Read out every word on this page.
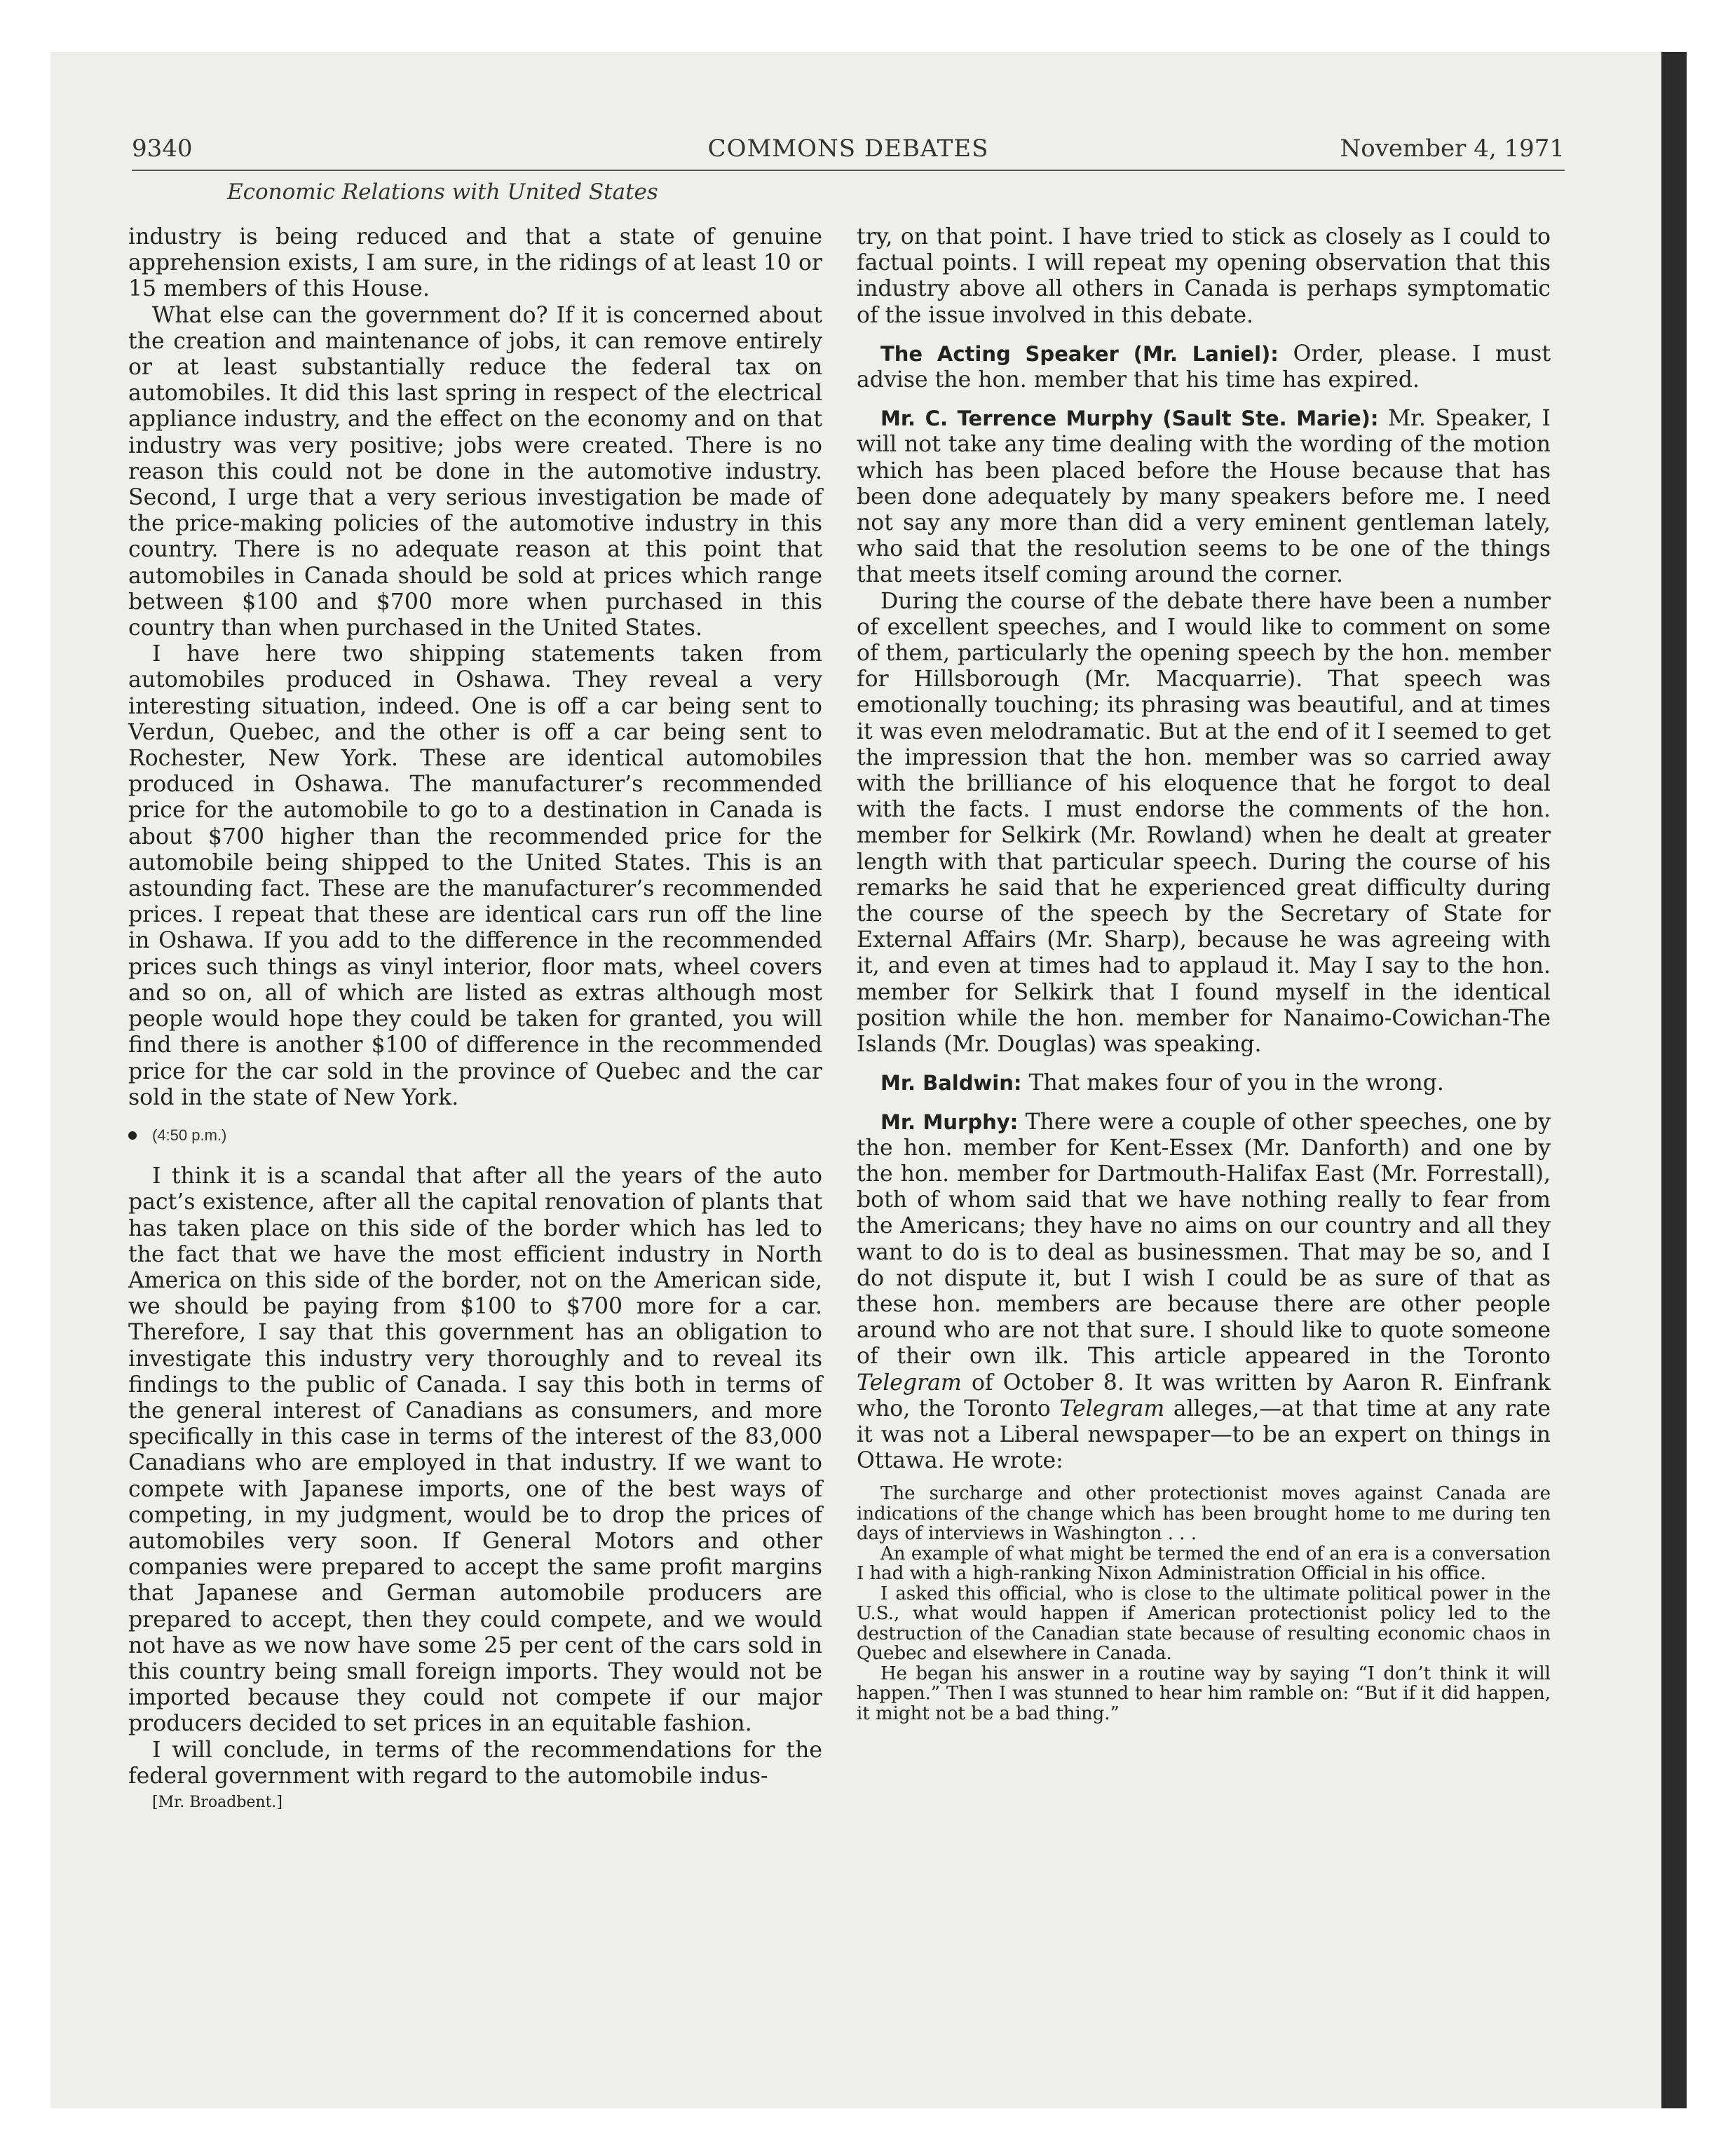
9340	COMMONS DEBATES	November 4, 1971
Economic Relations with United States

industry is being reduced and that a state of genuine apprehension exists, I am sure, in the ridings of at least 10 or 15 members of this House.

What else can the government do? If it is concerned about the creation and maintenance of jobs, it can remove entirely or at least substantially reduce the federal tax on automobiles. It did this last spring in respect of the electrical appliance industry, and the effect on the economy and on that industry was very positive; jobs were created. There is no reason this could not be done in the automotive industry. Second, I urge that a very serious investigation be made of the price-making policies of the automotive industry in this country. There is no adequate reason at this point that automobiles in Canada should be sold at prices which range between $100 and $700 more when purchased in this country than when purchased in the United States.

I have here two shipping statements taken from automobiles produced in Oshawa. They reveal a very interesting situation, indeed. One is off a car being sent to Verdun, Quebec, and the other is off a car being sent to Rochester, New York. These are identical automobiles produced in Oshawa. The manufacturer’s recommended price for the automobile to go to a destination in Canada is about $700 higher than the recommended price for the automobile being shipped to the United States. This is an astounding fact. These are the manufacturer’s recommended prices. I repeat that these are identical cars run off the line in Oshawa. If you add to the difference in the recommended prices such things as vinyl interior, floor mats, wheel covers and so on, all of which are listed as extras although most people would hope they could be taken for granted, you will find there is another $100 of difference in the recommended price for the car sold in the province of Quebec and the car sold in the state of New York.

(4:50 p.m.)

I think it is a scandal that after all the years of the auto pact’s existence, after all the capital renovation of plants that has taken place on this side of the border which has led to the fact that we have the most efficient industry in North America on this side of the border, not on the American side, we should be paying from $100 to $700 more for a car. Therefore, I say that this government has an obligation to investigate this industry very thoroughly and to reveal its findings to the public of Canada. I say this both in terms of the general interest of Canadians as consumers, and more specifically in this case in terms of the interest of the 83,000 Canadians who are employed in that industry. If we want to compete with Japanese imports, one of the best ways of competing, in my judgment, would be to drop the prices of automobiles very soon. If General Motors and other companies were prepared to accept the same profit margins that Japanese and German automobile producers are prepared to accept, then they could compete, and we would not have as we now have some 25 per cent of the cars sold in this country being small foreign imports. They would not be imported because they could not compete if our major producers decided to set prices in an equitable fashion.

I will conclude, in terms of the recommendations for the federal government with regard to the automobile indus-

[Mr. Broadbent.]

try, on that point. I have tried to stick as closely as I could to factual points. I will repeat my opening observation that this industry above all others in Canada is perhaps symptomatic of the issue involved in this debate.

The Acting Speaker (Mr. Laniel): Order, please. I must advise the hon. member that his time has expired.

Mr. C. Terrence Murphy (Sault Ste. Marie): Mr. Speaker, I will not take any time dealing with the wording of the motion which has been placed before the House because that has been done adequately by many speakers before me. I need not say any more than did a very eminent gentleman lately, who said that the resolution seems to be one of the things that meets itself coming around the corner.

During the course of the debate there have been a number of excellent speeches, and I would like to comment on some of them, particularly the opening speech by the hon. member for Hillsborough (Mr. Macquarrie). That speech was emotionally touching; its phrasing was beautiful, and at times it was even melodramatic. But at the end of it I seemed to get the impression that the hon. member was so carried away with the brilliance of his eloquence that he forgot to deal with the facts. I must endorse the comments of the hon. member for Selkirk (Mr. Rowland) when he dealt at greater length with that particular speech. During the course of his remarks he said that he experienced great difficulty during the course of the speech by the Secretary of State for External Affairs (Mr. Sharp), because he was agreeing with it, and even at times had to applaud it. May I say to the hon. member for Selkirk that I found myself in the identical position while the hon. member for Nanaimo-Cowichan-The Islands (Mr. Douglas) was speaking.

Mr. Baldwin: That makes four of you in the wrong.

Mr. Murphy: There were a couple of other speeches, one by the hon. member for Kent-Essex (Mr. Danforth) and one by the hon. member for Dartmouth-Halifax East (Mr. Forrestall), both of whom said that we have nothing really to fear from the Americans; they have no aims on our country and all they want to do is to deal as businessmen. That may be so, and I do not dispute it, but I wish I could be as sure of that as these hon. members are because there are other people around who are not that sure. I should like to quote someone of their own ilk. This article appeared in the Toronto Telegram of October 8. It was written by Aaron R. Einfrank who, the Toronto Telegram alleges,—at that time at any rate it was not a Liberal newspaper—to be an expert on things in Ottawa. He wrote:

The surcharge and other protectionist moves against Canada are indications of the change which has been brought home to me during ten days of interviews in Washington . . .

An example of what might be termed the end of an era is a conversation I had with a high-ranking Nixon Administration Official in his office.

I asked this official, who is close to the ultimate political power in the U.S., what would happen if American protectionist policy led to the destruction of the Canadian state because of resulting economic chaos in Quebec and elsewhere in Canada.

He began his answer in a routine way by saying “I don’t think it will happen.” Then I was stunned to hear him ramble on: “But if it did happen, it might not be a bad thing.”
